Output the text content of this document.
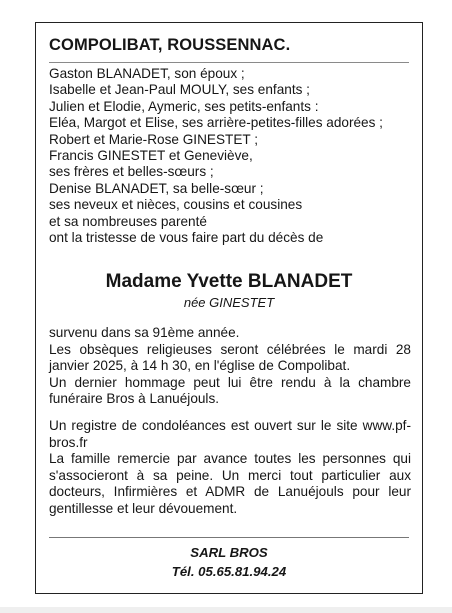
COMPOLIBAT, ROUSSENNAC.
Gaston BLANADET, son époux ;
Isabelle et Jean-Paul MOULY, ses enfants ;
Julien et Elodie, Aymeric, ses petits-enfants :
Eléa, Margot et Elise, ses arrière-petites-filles adorées ;
Robert et Marie-Rose GINESTET ;
Francis GINESTET et Geneviève,
ses frères et belles-sœurs ;
Denise BLANADET, sa belle-sœur ;
ses neveux et nièces, cousins et cousines
et sa nombreuses parenté
ont la tristesse de vous faire part du décès de
Madame Yvette BLANADET
née GINESTET
survenu dans sa 91ème année.
Les obsèques religieuses seront célébrées le mardi 28 janvier 2025, à 14 h 30, en l'église de Compolibat.
Un dernier hommage peut lui être rendu à la chambre funéraire Bros à Lanuéjouls.
Un registre de condoléances est ouvert sur le site www.pf-bros.fr
La famille remercie par avance toutes les personnes qui s'associeront à sa peine. Un merci tout particulier aux docteurs, Infirmières et ADMR de Lanuéjouls pour leur gentillesse et leur dévouement.
SARL BROS
Tél. 05.65.81.94.24
